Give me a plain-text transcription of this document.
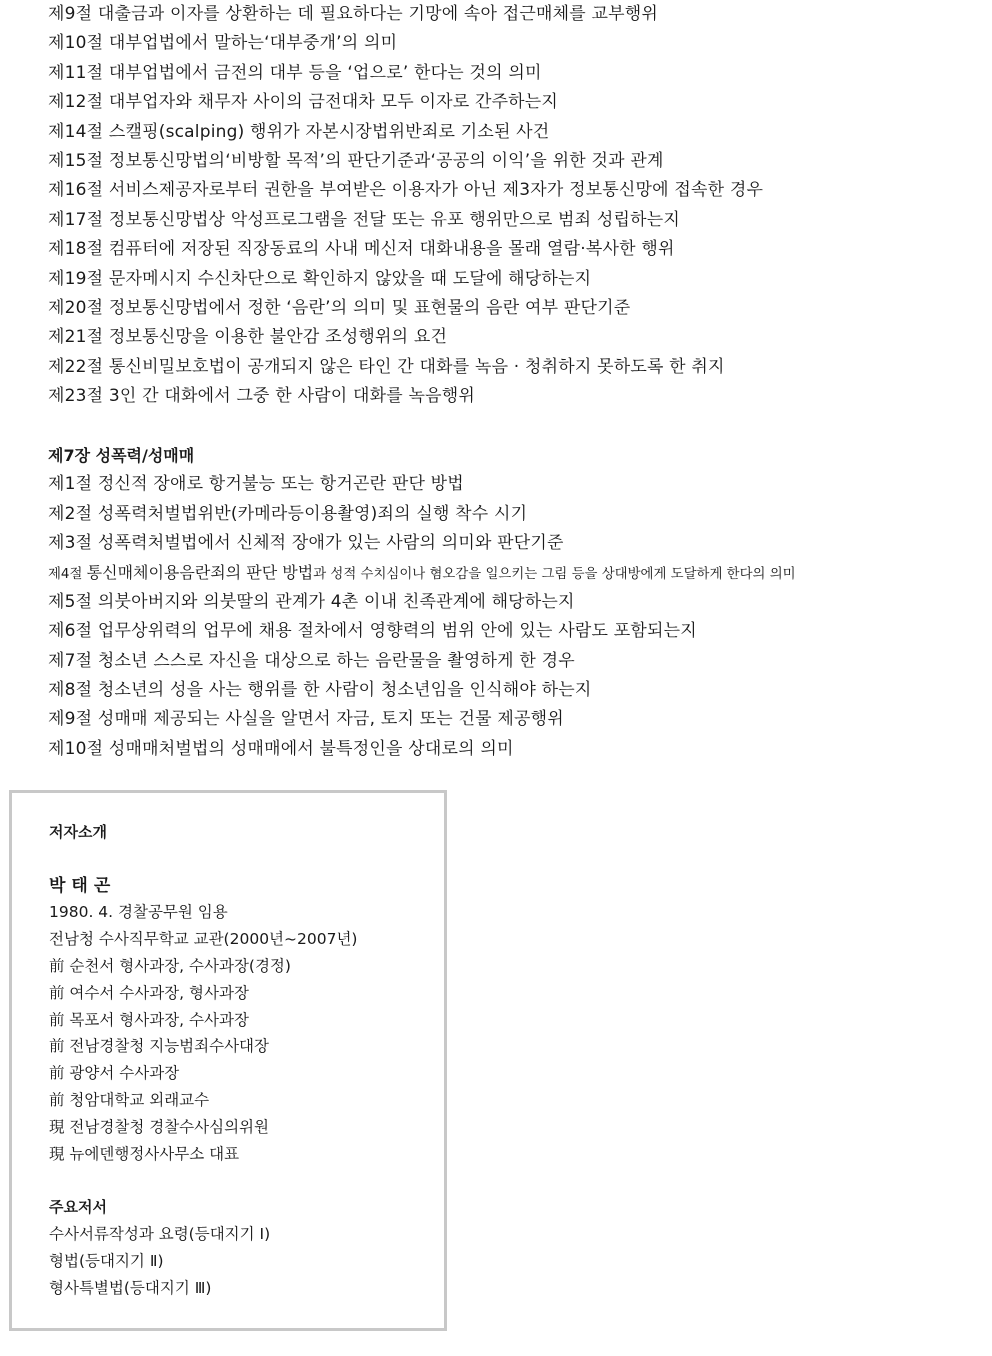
제9절 대출금과 이자를 상환하는 데 필요하다는 기망에 속아 접근매체를 교부행위
제10절 대부업법에서 말하는‘대부중개’의 의미
제11절 대부업법에서 금전의 대부 등을 ‘업으로’ 한다는 것의 의미
제12절 대부업자와 채무자 사이의 금전대차 모두 이자로 간주하는지
제14절 스캘핑(scalping) 행위가 자본시장법위반죄로 기소된 사건
제15절 정보통신망법의‘비방할 목적’의 판단기준과‘공공의 이익’을 위한 것과 관계
제16절 서비스제공자로부터 권한을 부여받은 이용자가 아닌 제3자가 정보통신망에 접속한 경우
제17절 정보통신망법상 악성프로그램을 전달 또는 유포 행위만으로 범죄 성립하는지
제18절 컴퓨터에 저장된 직장동료의 사내 메신저 대화내용을 몰래 열람·복사한 행위
제19절 문자메시지 수신차단으로 확인하지 않았을 때 도달에 해당하는지
제20절 정보통신망법에서 정한 ‘음란’의 의미 및 표현물의 음란 여부 판단기준
제21절 정보통신망을 이용한 불안감 조성행위의 요건
제22절 통신비밀보호법이 공개되지 않은 타인 간 대화를 녹음 · 청취하지 못하도록 한 취지
제23절 3인 간 대화에서 그중 한 사람이 대화를 녹음행위
제7장 성폭력/성매매
제1절 정신적 장애로 항거불능 또는 항거곤란 판단 방법
제2절 성폭력처벌법위반(카메라등이용촬영)죄의 실행 착수 시기
제3절 성폭력처벌법에서 신체적 장애가 있는 사람의 의미와 판단기준
제4절 통신매체이용음란죄의 판단 방법과 성적 수치심이나 혐오감을 일으키는 그림 등을 상대방에게 도달하게 한다의 의미
제5절 의붓아버지와 의붓딸의 관계가 4촌 이내 친족관계에 해당하는지
제6절 업무상위력의 업무에 채용 절차에서 영향력의 범위 안에 있는 사람도 포함되는지
제7절 청소년 스스로 자신을 대상으로 하는 음란물을 촬영하게 한 경우
제8절 청소년의 성을 사는 행위를 한 사람이 청소년임을 인식해야 하는지
제9절 성매매 제공되는 사실을 알면서 자금, 토지 또는 건물 제공행위
제10절 성매매처벌법의 성매매에서 불특정인을 상대로의 의미
저자소개
박태곤
1980. 4. 경찰공무원 임용
전남청 수사직무학교 교관(2000년~2007년)
前 순천서 형사과장, 수사과장(경정)
前 여수서 수사과장, 형사과장
前 목포서 형사과장, 수사과장
前 전남경찰청 지능범죄수사대장
前 광양서 수사과장
前 청암대학교 외래교수
現 전남경찰청 경찰수사심의위원
現 뉴에덴행정사사무소 대표
주요저서
수사서류작성과 요령(등대지기 Ⅰ)
형법(등대지기 Ⅱ)
형사특별법(등대지기 Ⅲ)
